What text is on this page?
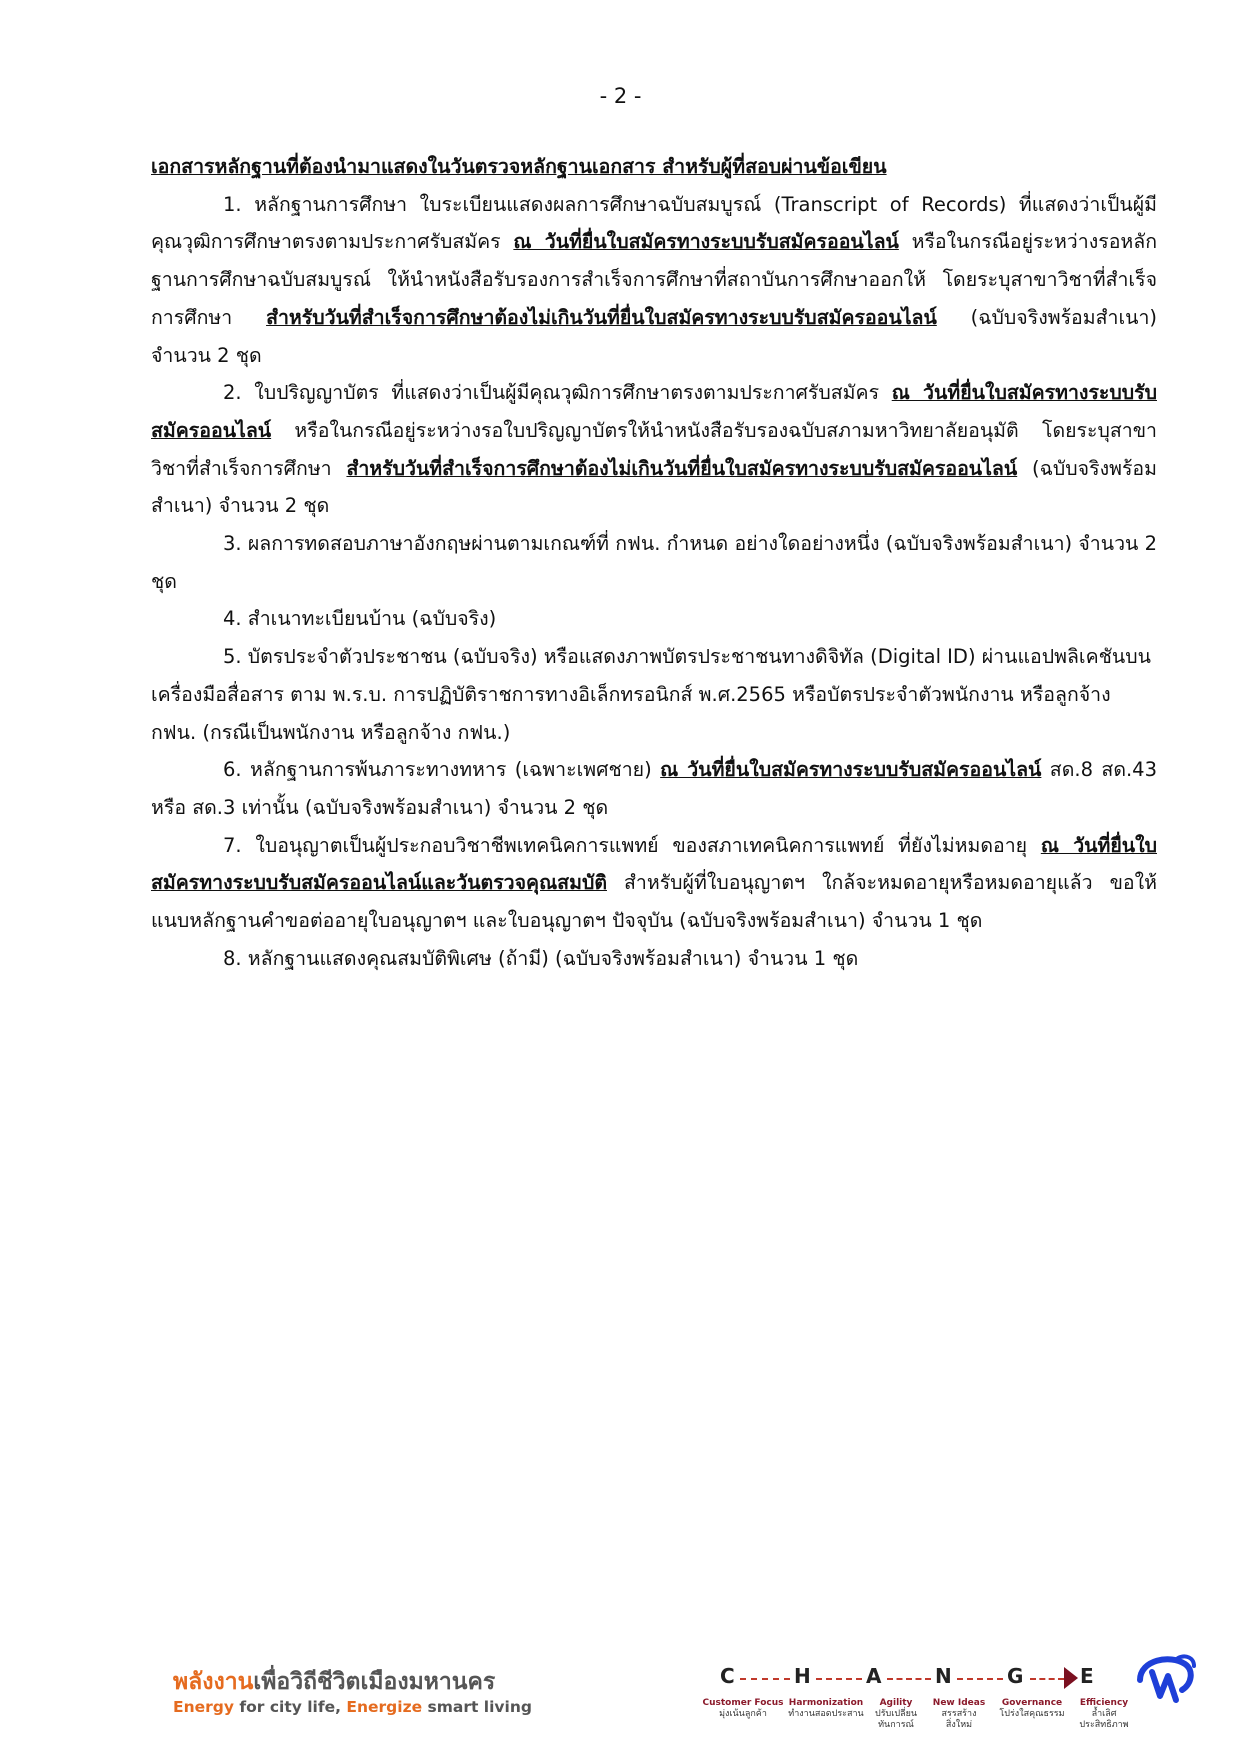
- 2 -

เอกสารหลักฐานที่ต้องนำมาแสดงในวันตรวจหลักฐานเอกสาร สำหรับผู้ที่สอบผ่านข้อเขียน

1. หลักฐานการศึกษา ใบระเบียนแสดงผลการศึกษาฉบับสมบูรณ์ (Transcript of Records) ที่แสดงว่าเป็นผู้มีคุณวุฒิการศึกษาตรงตามประกาศรับสมัคร ณ วันที่ยื่นใบสมัครทางระบบรับสมัครออนไลน์ หรือในกรณีอยู่ระหว่างรอหลักฐานการศึกษาฉบับสมบูรณ์ ให้นำหนังสือรับรองการสำเร็จการศึกษาที่สถาบันการศึกษาออกให้ โดยระบุสาขาวิชาที่สำเร็จการศึกษา สำหรับวันที่สำเร็จการศึกษาต้องไม่เกินวันที่ยื่นใบสมัครทางระบบรับสมัครออนไลน์ (ฉบับจริงพร้อมสำเนา) จำนวน 2 ชุด

2. ใบปริญญาบัตร ที่แสดงว่าเป็นผู้มีคุณวุฒิการศึกษาตรงตามประกาศรับสมัคร ณ วันที่ยื่นใบสมัครทางระบบรับสมัครออนไลน์ หรือในกรณีอยู่ระหว่างรอใบปริญญาบัตรให้นำหนังสือรับรองฉบับสภามหาวิทยาลัยอนุมัติ โดยระบุสาขาวิชาที่สำเร็จการศึกษา สำหรับวันที่สำเร็จการศึกษาต้องไม่เกินวันที่ยื่นใบสมัครทางระบบรับสมัครออนไลน์ (ฉบับจริงพร้อมสำเนา) จำนวน 2 ชุด

3. ผลการทดสอบภาษาอังกฤษผ่านตามเกณฑ์ที่ กฟน. กำหนด อย่างใดอย่างหนึ่ง (ฉบับจริงพร้อมสำเนา) จำนวน 2 ชุด

4. สำเนาทะเบียนบ้าน (ฉบับจริง)

5. บัตรประจำตัวประชาชน (ฉบับจริง) หรือแสดงภาพบัตรประชาชนทางดิจิทัล (Digital ID) ผ่านแอปพลิเคชันบนเครื่องมือสื่อสาร ตาม พ.ร.บ. การปฏิบัติราชการทางอิเล็กทรอนิกส์ พ.ศ.2565 หรือบัตรประจำตัวพนักงาน หรือลูกจ้าง กฟน. (กรณีเป็นพนักงาน หรือลูกจ้าง กฟน.)

6. หลักฐานการพ้นภาระทางทหาร (เฉพาะเพศชาย) ณ วันที่ยื่นใบสมัครทางระบบรับสมัครออนไลน์ สด.8 สด.43 หรือ สด.3 เท่านั้น (ฉบับจริงพร้อมสำเนา) จำนวน 2 ชุด

7. ใบอนุญาตเป็นผู้ประกอบวิชาชีพเทคนิคการแพทย์ ของสภาเทคนิคการแพทย์ ที่ยังไม่หมดอายุ ณ วันที่ยื่นใบสมัครทางระบบรับสมัครออนไลน์และวันตรวจคุณสมบัติ สำหรับผู้ที่ใบอนุญาตฯ ใกล้จะหมดอายุหรือหมดอายุแล้ว ขอให้แนบหลักฐานคำขอต่ออายุใบอนุญาตฯ และใบอนุญาตฯ ปัจจุบัน (ฉบับจริงพร้อมสำเนา) จำนวน 1 ชุด

8. หลักฐานแสดงคุณสมบัติพิเศษ (ถ้ามี) (ฉบับจริงพร้อมสำเนา) จำนวน 1 ชุด

พลังงานเพื่อวิถีชีวิตเมืองมหานคร
Energy for city life, Energize smart living
C	H	A	N	G	E
Customer Focus
มุ่งเน้นลูกค้า
Harmonization
ทำงานสอดประสาน
Agility
ปรับเปลี่ยน
ทันการณ์
New Ideas
สรรสร้าง
สิ่งใหม่
Governance
โปร่งใสคุณธรรม
Efficiency
ล้ำเลิศ
ประสิทธิภาพ
